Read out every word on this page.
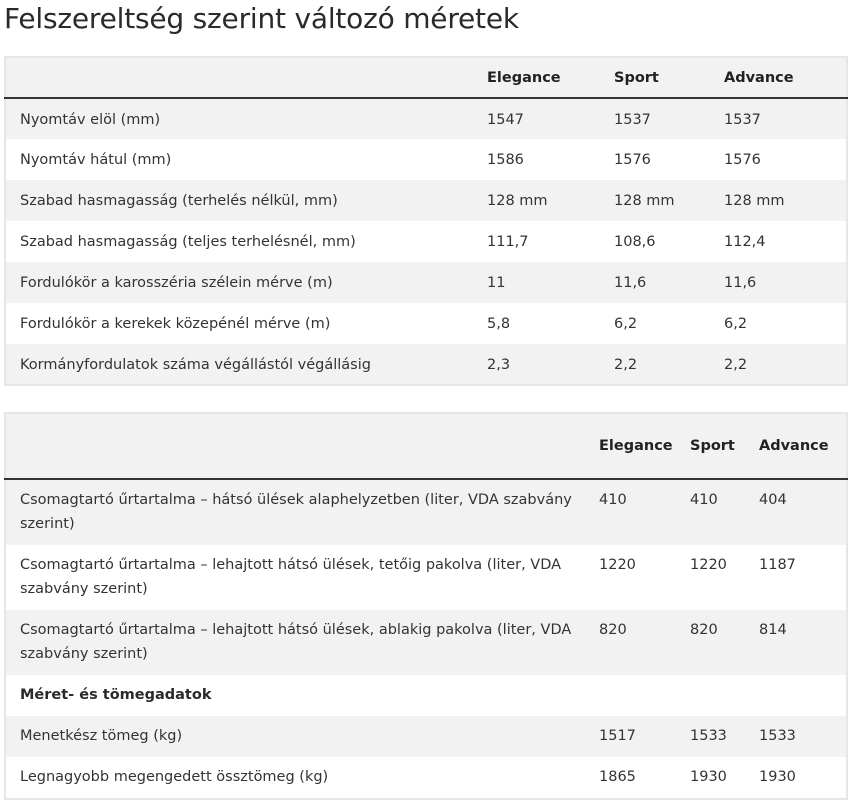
Felszereltség szerint változó méretek
	Elegance	Sport	Advance
Nyomtáv elöl (mm)	1547	1537	1537
Nyomtáv hátul (mm)	1586	1576	1576
Szabad hasmagasság (terhelés nélkül, mm)	128 mm	128 mm	128 mm
Szabad hasmagasság (teljes terhelésnél, mm)	111,7	108,6	112,4
Fordulókör a karosszéria szélein mérve (m)	11	11,6	11,6
Fordulókör a kerekek közepénél mérve (m)	5,8	6,2	6,2
Kormányfordulatok száma végállástól végállásig	2,3	2,2	2,2
	Elegance	Sport	Advance
Csomagtartó űrtartalma – hátsó ülések alaphelyzetben (liter, VDA szabvány szerint)	410	410	404
Csomagtartó űrtartalma – lehajtott hátsó ülések, tetőig pakolva (liter, VDA szabvány szerint)	1220	1220	1187
Csomagtartó űrtartalma – lehajtott hátsó ülések, ablakig pakolva (liter, VDA szabvány szerint)	820	820	814
Méret- és tömegadatok			
Menetkész tömeg (kg)	1517	1533	1533
Legnagyobb megengedett össztömeg (kg)	1865	1930	1930
